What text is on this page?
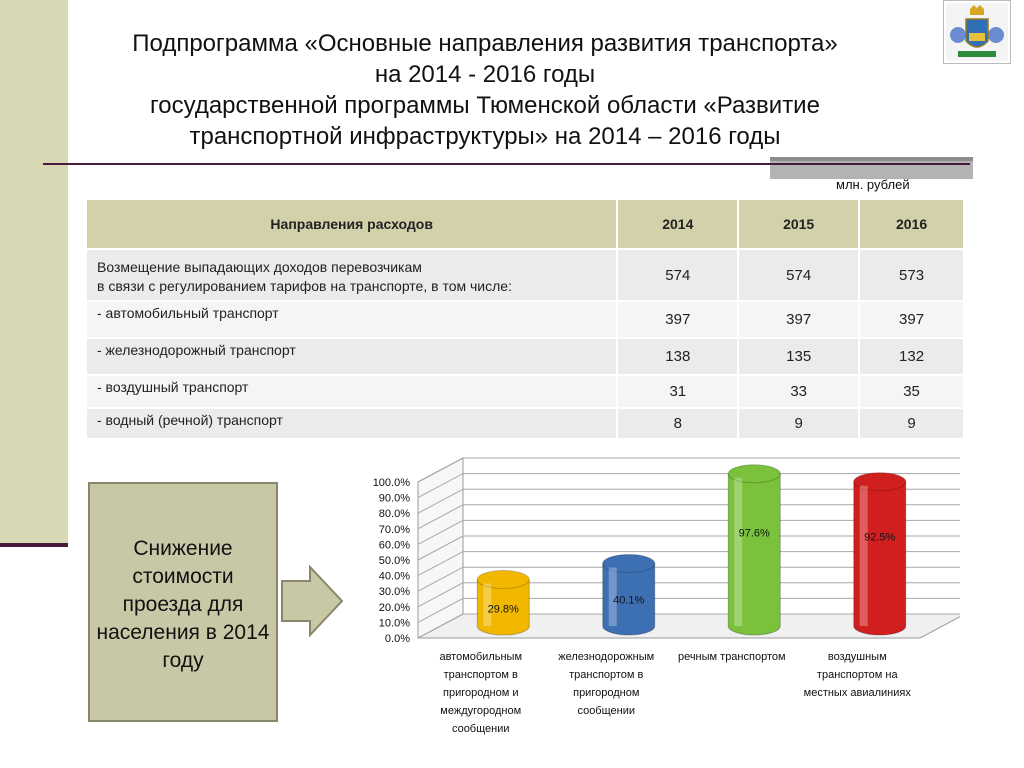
Подпрограмма «Основные направления развития транспорта»
на 2014 - 2016 годы
государственной программы Тюменской области «Развитие
транспортной инфраструктуры» на 2014 – 2016 годы
млн. рублей
Направления расходов	2014	2015	2016
Возмещение выпадающих доходов перевозчикам
в связи с регулированием тарифов на транспорте, в том числе:	574	574	573
- автомобильный транспорт	397	397	397
- железнодорожный транспорт	138	135	132
- воздушный транспорт	31	33	35
- водный (речной) транспорт	8	9	9
Снижение стоимости проезда для населения в 2014 году
0.0%
10.0%
20.0%
30.0%
40.0%
50.0%
60.0%
70.0%
80.0%
90.0%
100.0%
29.8%
40.1%
97.6%	92.5%
автомобильным транспортом в пригородном и междугородном сообщении
железнодорожным транспортом в пригородном сообщении
речным транспортом	воздушным транспортом на местных авиалиниях
